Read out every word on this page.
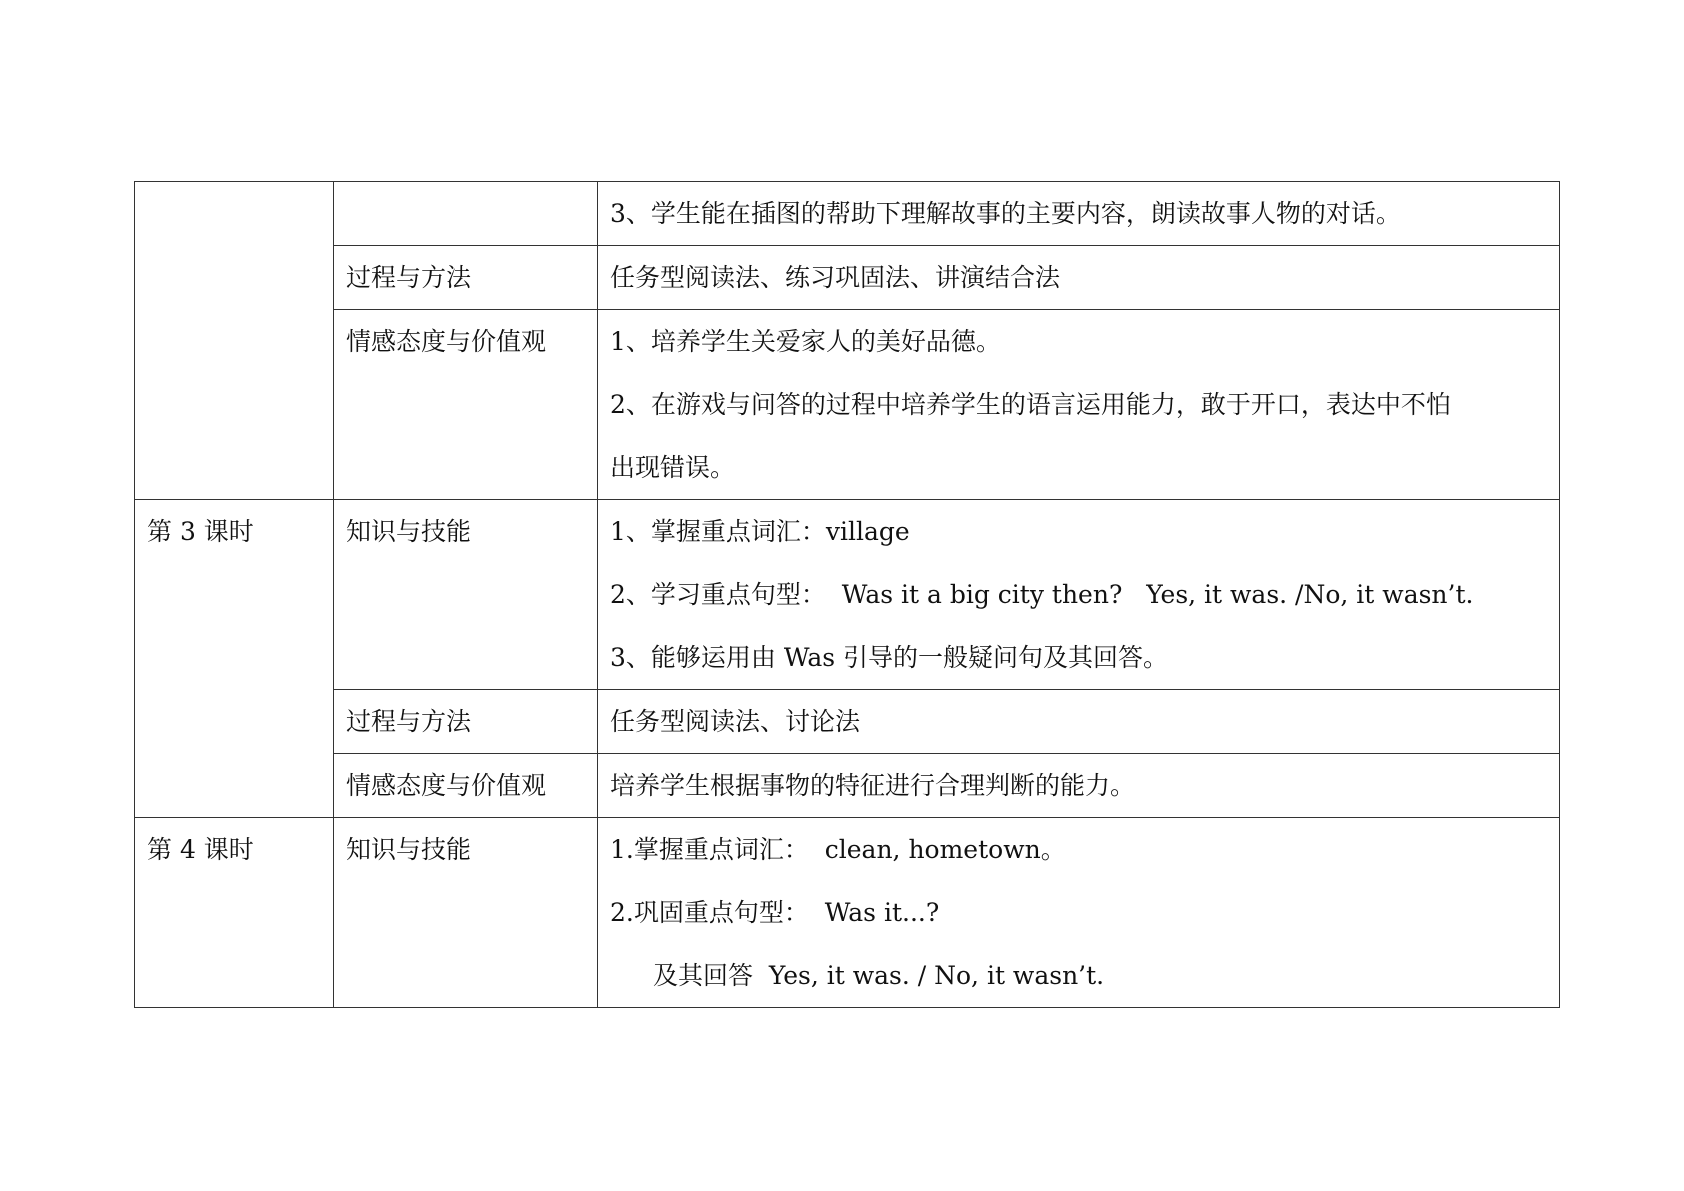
		3、学生能在插图的帮助下理解故事的主要内容，朗读故事人物的对话。

	过程与方法	任务型阅读法、练习巩固法、讲演结合法

	情感态度与价值观	1、培养学生关爱家人的美好品德。
2、在游戏与问答的过程中培养学生的语言运用能力，敢于开口，表达中不怕
出现错误。

第 3 课时	知识与技能	1、掌握重点词汇：village
2、学习重点句型：  Was it a big city then?   Yes, it was. /No, it wasn’t.
3、能够运用由 Was 引导的一般疑问句及其回答。

	过程与方法	任务型阅读法、讨论法

	情感态度与价值观	培养学生根据事物的特征进行合理判断的能力。

第 4 课时	知识与技能	1.掌握重点词汇：  clean, hometown。
2.巩固重点句型：  Was it...?
及其回答  Yes, it was. / No, it wasn’t.
